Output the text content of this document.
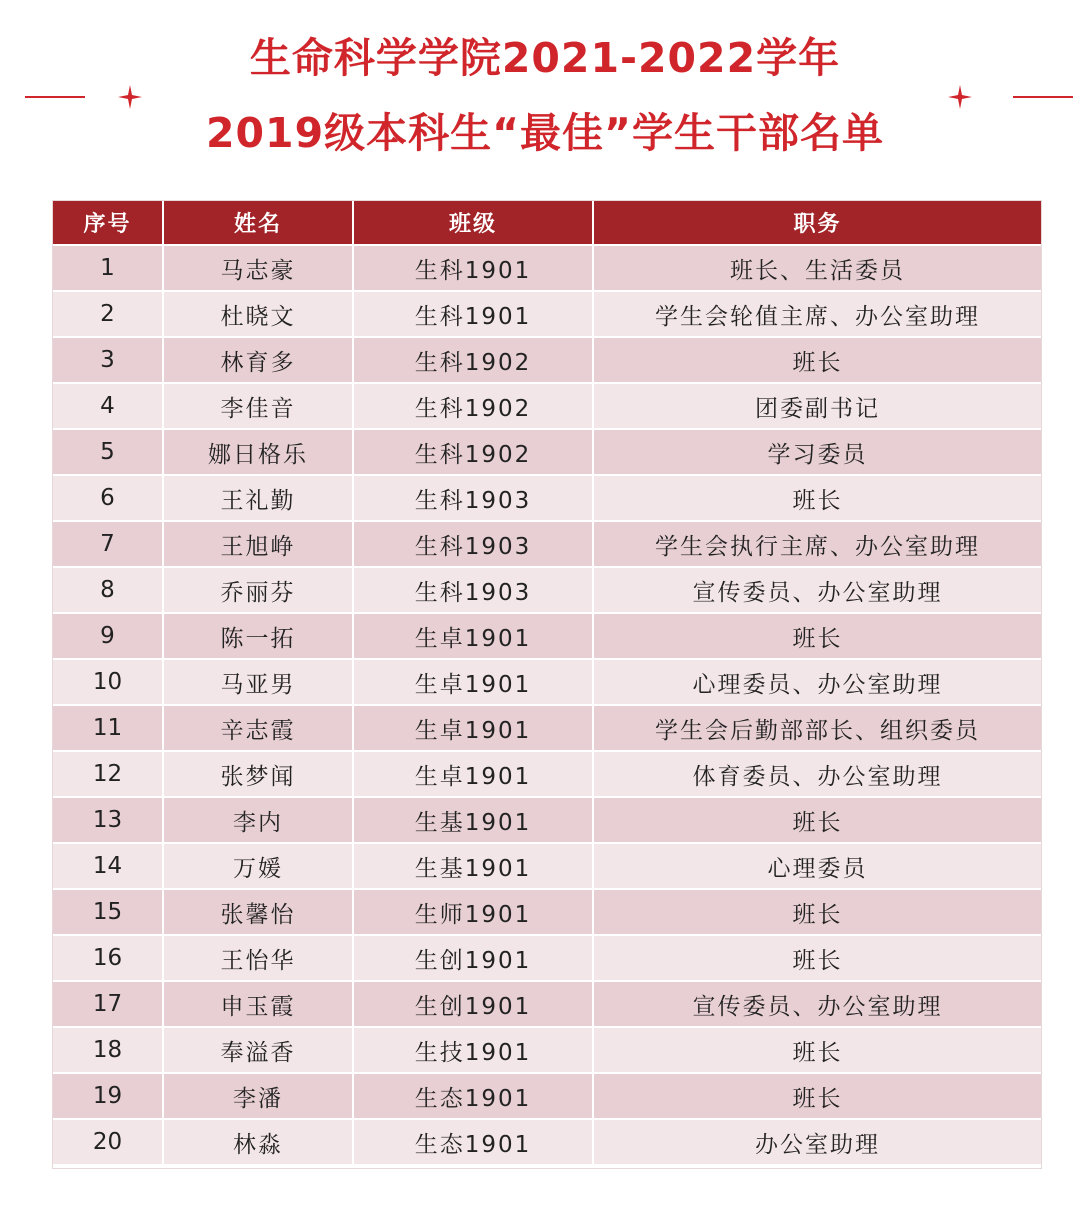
生命科学学院2021-2022学年
2019级本科生“最佳”学生干部名单
序号	姓名	班级	职务
1	马志豪	生科1901	班长、生活委员
2	杜晓文	生科1901	学生会轮值主席、办公室助理
3	林育多	生科1902	班长
4	李佳音	生科1902	团委副书记
5	娜日格乐	生科1902	学习委员
6	王礼勤	生科1903	班长
7	王旭峥	生科1903	学生会执行主席、办公室助理
8	乔丽芬	生科1903	宣传委员、办公室助理
9	陈一拓	生卓1901	班长
10	马亚男	生卓1901	心理委员、办公室助理
11	辛志霞	生卓1901	学生会后勤部部长、组织委员
12	张梦闻	生卓1901	体育委员、办公室助理
13	李内	生基1901	班长
14	万媛	生基1901	心理委员
15	张馨怡	生师1901	班长
16	王怡华	生创1901	班长
17	申玉霞	生创1901	宣传委员、办公室助理
18	奉溢香	生技1901	班长
19	李潘	生态1901	班长
20	林淼	生态1901	办公室助理
